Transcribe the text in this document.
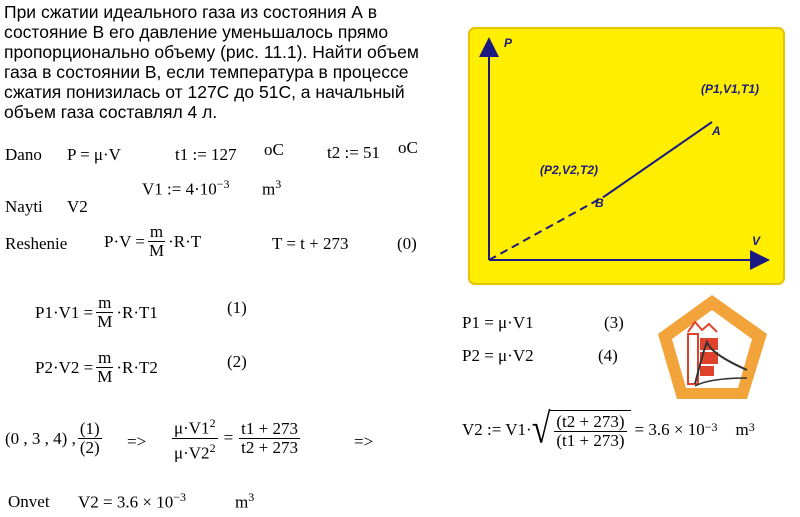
При сжатии идеального газа из состояния А в состояние В его давление уменьшалось прямо пропорционально объему (рис. 11.1). Найти объем газа в состоянии В, если температура в процессе сжатия понизилась от 127С до 51С, а начальный объем газа составлял 4 л.
Dano P = μ·V	t1 := 127 oC	t2 := 51 oC
V1 := $4\cdot 10^{-3}$ $m^3$
Nayti V2
Reshenie $P\cdot V = \frac{m}{M} \cdot R\cdot T$	T = t + 273	(0)
$P1\cdot V1 = \frac{m}{M} \cdot R\cdot T1$	(1)
$P2\cdot V2 = \frac{m}{M} \cdot R\cdot T2$	(2)
P1 = μ·V1	(3)
P2 = μ·V2	(4)
(0 , 3 , 4) , $\frac{(1)}{(2)} => \frac{\mu\cdot V1^2}{\mu\cdot V2^2} = \frac{t1 + 273}{t2 + 273}$	=>
V2 := V1· √ $\frac{(t2 + 273)}{(t1 + 273)} = 3.6 \times 10 -3$ m 3
Onvet $V2 = 3.6 \times 10^{-3}$	$m^3$
P
V
(P1,V1,T1)
A
(P2,V2,T2)
B
